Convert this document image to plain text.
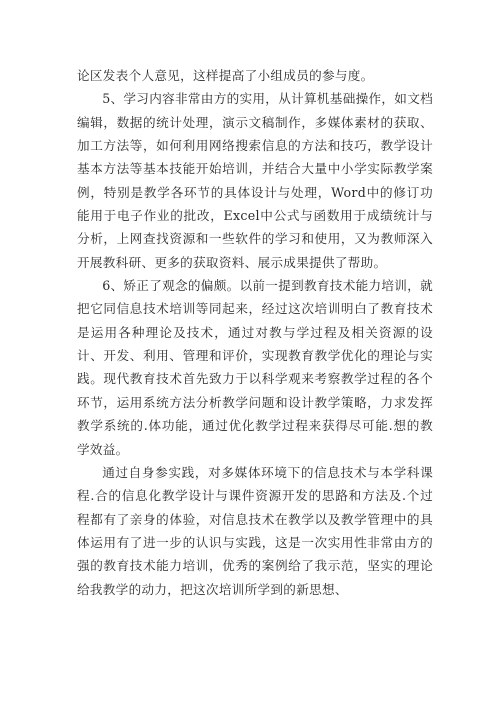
论区发表个人意见，这样提高了小组成员的参与度。

5、学习内容非常由方的实用，从计算机基础操作，如文档编辑，数据的统计处理，演示文稿制作，多媒体素材的获取、加工方法等，如何利用网络搜索信息的方法和技巧，教学设计基本方法等基本技能开始培训，并结合大量中小学实际教学案例，特别是教学各环节的具体设计与处理，Word中的修订功能用于电子作业的批改，Excel中公式与函数用于成绩统计与分析，上网查找资源和一些软件的学习和使用，又为教师深入开展教科研、更多的获取资料、展示成果提供了帮助。

6、矫正了观念的偏颇。以前一提到教育技术能力培训，就把它同信息技术培训等同起来，经过这次培训明白了教育技术是运用各种理论及技术，通过对教与学过程及相关资源的设计、开发、利用、管理和评价，实现教育教学优化的理论与实践。现代教育技术首先致力于以科学观来考察教学过程的各个环节，运用系统方法分析教学问题和设计教学策略，力求发挥教学系统的.体功能，通过优化教学过程来获得尽可能.想的教学效益。

通过自身参实践，对多媒体环境下的信息技术与本学科课程.合的信息化教学设计与课件资源开发的思路和方法及.个过程都有了亲身的体验，对信息技术在教学以及教学管理中的具体运用有了进一步的认识与实践，这是一次实用性非常由方的强的教育技术能力培训，优秀的案例给了我示范，坚实的理论给我教学的动力，把这次培训所学到的新思想、
